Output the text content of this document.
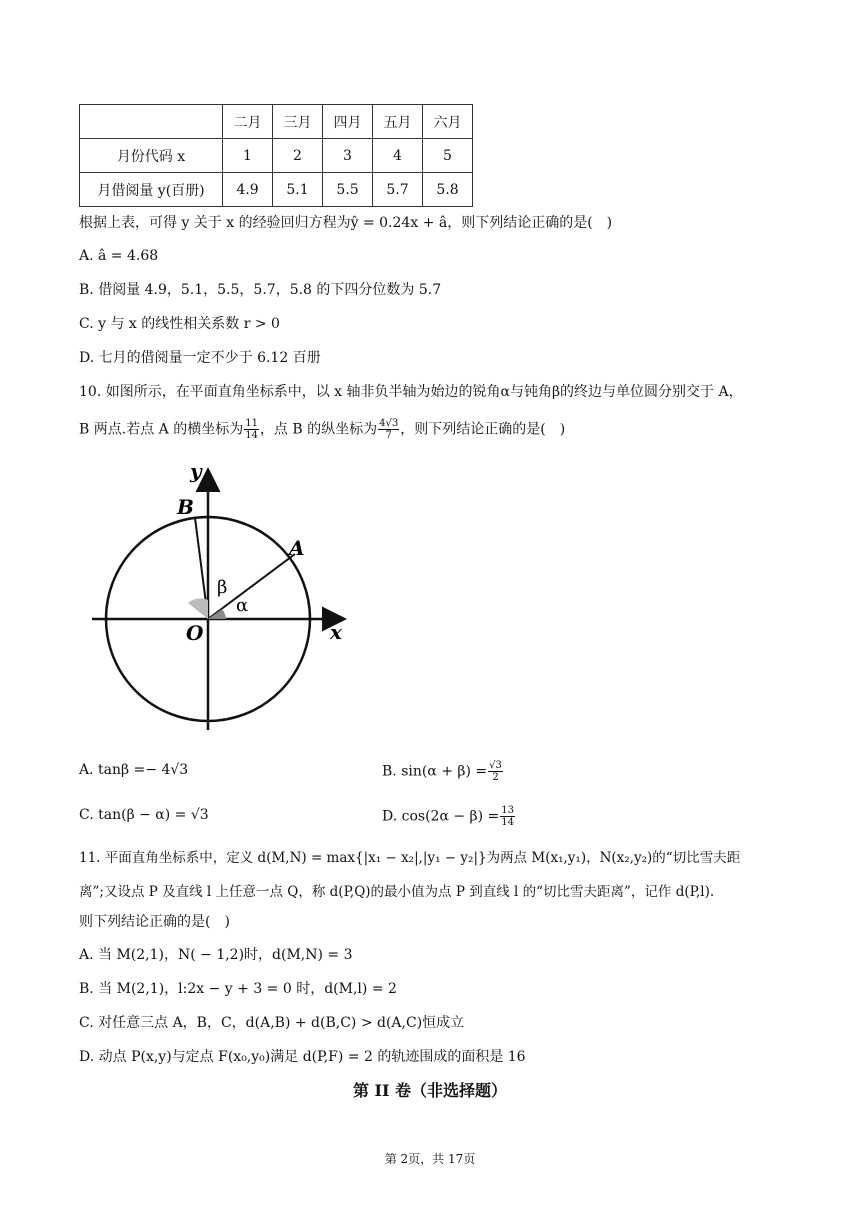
	二月	三月	四月	五月	六月
月份代码 x	1	2	3	4	5
月借阅量 y(百册)	4.9	5.1	5.5	5.7	5.8
根据上表，可得 y 关于 x 的经验回归方程为ŷ = 0.24x + â，则下列结论正确的是(　)
A. â = 4.68
B. 借阅量 4.9，5.1，5.5，5.7，5.8 的下四分位数为 5.7
C. y 与 x 的线性相关系数 r > 0
D. 七月的借阅量一定不少于 6.12 百册
10. 如图所示，在平面直角坐标系中，以 x 轴非负半轴为始边的锐角α与钝角β的终边与单位圆分别交于 A，
B 两点.若点 A 的横坐标为 $\frac{11}{14}$ ，点 B 的纵坐标为 $\frac{4√3}{7}$ ，则下列结论正确的是(　)
y
x
O
A
B
α
β
A. tanβ =− 4√3	B. $\sin(\alpha + \beta) = \frac{√3}{2}$
C. tan(β − α) = √3	D. $\cos(2\alpha - \beta) = \frac{13}{14}$
11. 平面直角坐标系中，定义 d(M,N) = max{|x₁ − x₂|,|y₁ − y₂|}为两点 M(x₁,y₁)，N(x₂,y₂)的“切比雪夫距
离”;又设点 P 及直线 l 上任意一点 Q，称 d(P,Q)的最小值为点 P 到直线 l 的“切比雪夫距离”，记作 d(P,l).
则下列结论正确的是(　)
A. 当 M(2,1)，N( − 1,2)时，d(M,N) = 3
B. 当 M(2,1)，l:2x − y + 3 = 0 时，d(M,l) = 2
C. 对任意三点 A，B，C，d(A,B) + d(B,C) > d(A,C)恒成立
D. 动点 P(x,y)与定点 F(x₀,y₀)满足 d(P,F) = 2 的轨迹围成的面积是 16
第 II 卷（非选择题）
第 2页，共 17页
